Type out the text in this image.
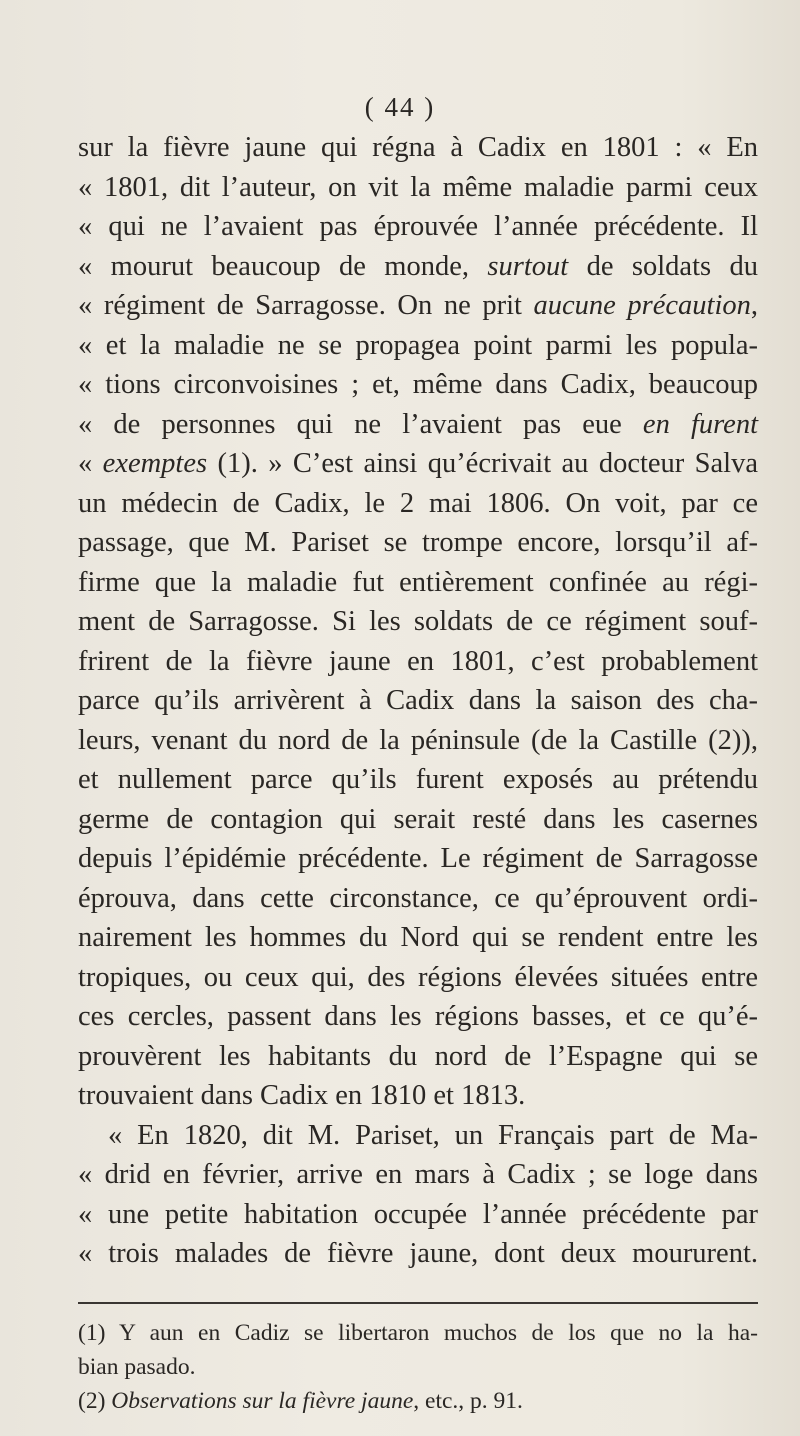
( 44 )
sur la fièvre jaune qui régna à Cadix en 1801 : « En
« 1801, dit l’auteur, on vit la même maladie parmi ceux
« qui ne l’avaient pas éprouvée l’année précédente. Il
« mourut beaucoup de monde, surtout de soldats du
« régiment de Sarragosse. On ne prit aucune précaution,
« et la maladie ne se propagea point parmi les popula-
« tions circonvoisines ; et, même dans Cadix, beaucoup
« de personnes qui ne l’avaient pas eue en furent
« exemptes (1). » C’est ainsi qu’écrivait au docteur Salva
un médecin de Cadix, le 2 mai 1806. On voit, par ce
passage, que M. Pariset se trompe encore, lorsqu’il af-
firme que la maladie fut entièrement confinée au régi-
ment de Sarragosse. Si les soldats de ce régiment souf-
frirent de la fièvre jaune en 1801, c’est probablement
parce qu’ils arrivèrent à Cadix dans la saison des cha-
leurs, venant du nord de la péninsule (de la Castille (2)),
et nullement parce qu’ils furent exposés au prétendu
germe de contagion qui serait resté dans les casernes
depuis l’épidémie précédente. Le régiment de Sarragosse
éprouva, dans cette circonstance, ce qu’éprouvent ordi-
nairement les hommes du Nord qui se rendent entre les
tropiques, ou ceux qui, des régions élevées situées entre
ces cercles, passent dans les régions basses, et ce qu’é-
prouvèrent les habitants du nord de l’Espagne qui se
trouvaient dans Cadix en 1810 et 1813.
« En 1820, dit M. Pariset, un Français part de Ma-
« drid en février, arrive en mars à Cadix ; se loge dans
« une petite habitation occupée l’année précédente par
« trois malades de fièvre jaune, dont deux moururent.
(1) Y aun en Cadiz se libertaron muchos de los que no la ha-
bian pasado.
(2) Observations sur la fièvre jaune, etc., p. 91.
